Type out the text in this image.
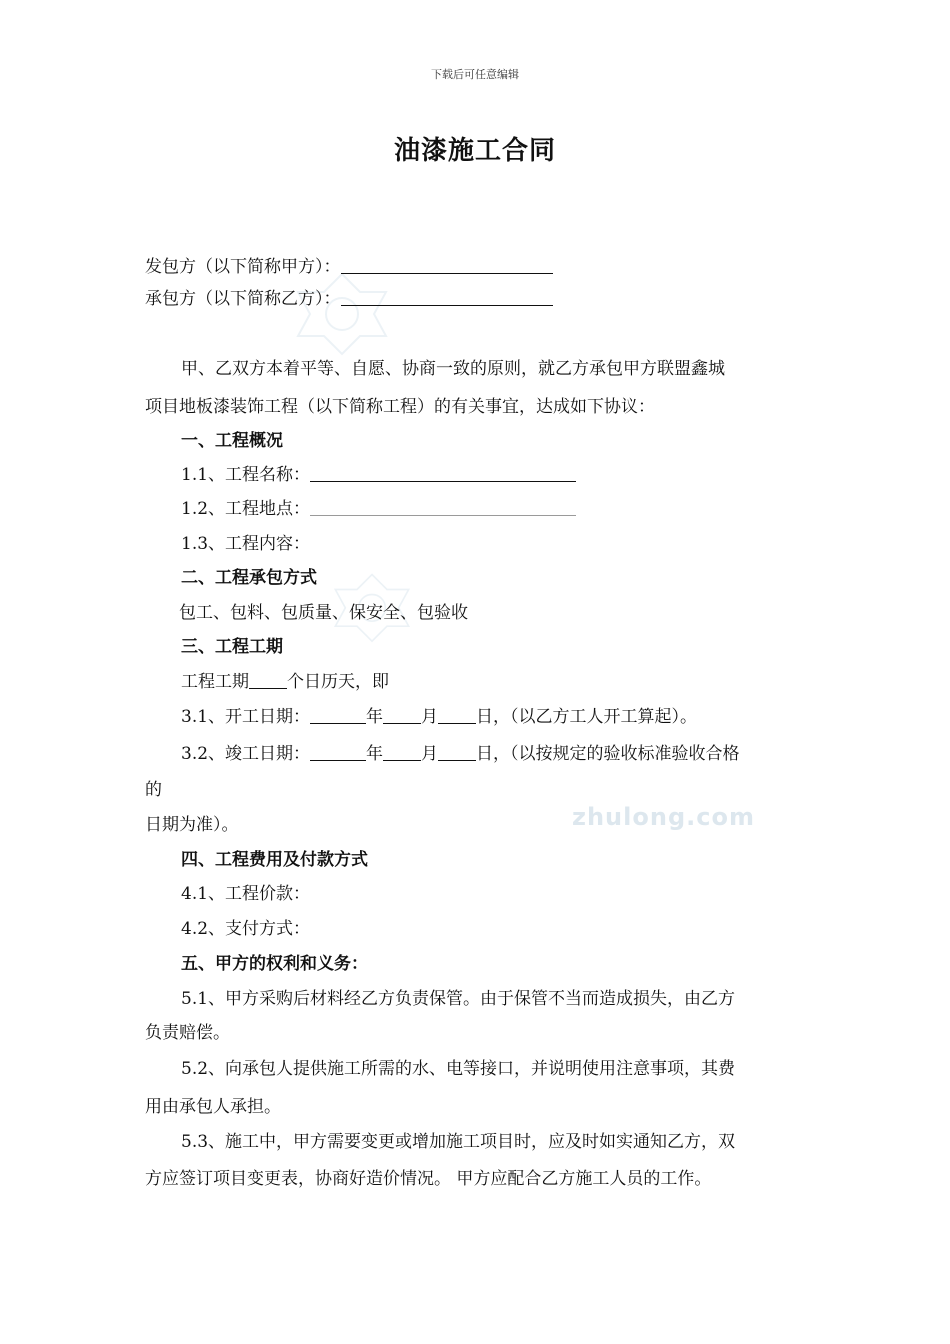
下载后可任意编辑
油漆施工合同
zhulong.com
发包方（以下简称甲方）：
承包方（以下简称乙方）：
甲、乙双方本着平等、自愿、协商一致的原则，就乙方承包甲方联盟鑫城
项目地板漆装饰工程（以下简称工程）的有关事宜，达成如下协议：
一、工程概况
1.1、工程名称：
1.2、工程地点：
1.3、工程内容：
二、工程承包方式
包工、包料、包质量、保安全、包验收
三、工程工期
工程工期 个日历天，即
3.1、开工日期：	年 月 日，（以乙方工人开工算起）。
3.2、竣工日期：	年 月 日，（以按规定的验收标准验收合格
的
日期为准）。
四、工程费用及付款方式
4.1、工程价款：
4.2、支付方式：
五、甲方的权利和义务：
5.1、甲方采购后材料经乙方负责保管。由于保管不当而造成损失，由乙方
负责赔偿。
5.2、向承包人提供施工所需的水、电等接口，并说明使用注意事项，其费
用由承包人承担。
5.3、施工中，甲方需要变更或增加施工项目时，应及时如实通知乙方，双
方应签订项目变更表，协商好造价情况。 甲方应配合乙方施工人员的工作。
